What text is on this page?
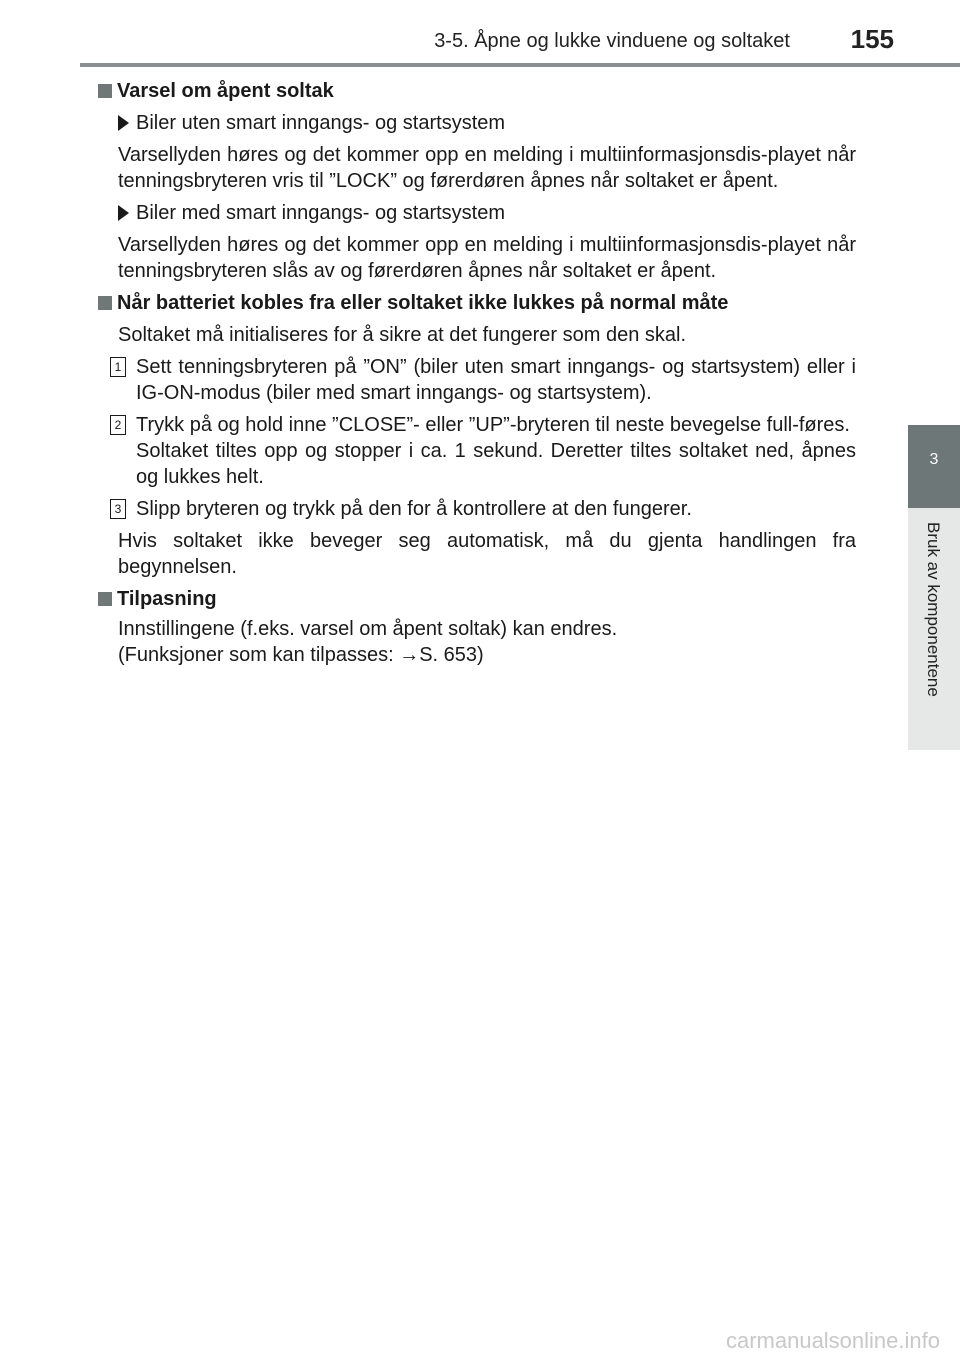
3-5. Åpne og lukke vinduene og soltaket 155
3
Bruk av komponentene
Varsel om åpent soltak
Biler uten smart inngangs- og startsystem
Varsellyden høres og det kommer opp en melding i multiinformasjonsdis-playet når tenningsbryteren vris til ”LOCK” og førerdøren åpnes når soltaket er åpent.
Biler med smart inngangs- og startsystem
Varsellyden høres og det kommer opp en melding i multiinformasjonsdis-playet når tenningsbryteren slås av og førerdøren åpnes når soltaket er åpent.
Når batteriet kobles fra eller soltaket ikke lukkes på normal måte
Soltaket må initialiseres for å sikre at det fungerer som den skal.
1 Sett tenningsbryteren på ”ON” (biler uten smart inngangs- og startsystem) eller i IG-ON-modus (biler med smart inngangs- og startsystem).
2 Trykk på og hold inne ”CLOSE”- eller ”UP”-bryteren til neste bevegelse full-føres.
Soltaket tiltes opp og stopper i ca. 1 sekund. Deretter tiltes soltaket ned, åpnes og lukkes helt.
3 Slipp bryteren og trykk på den for å kontrollere at den fungerer.
Hvis soltaket ikke beveger seg automatisk, må du gjenta handlingen fra begynnelsen.
Tilpasning
Innstillingene (f.eks. varsel om åpent soltak) kan endres.
(Funksjoner som kan tilpasses: →S. 653)
carmanualsonline.info
